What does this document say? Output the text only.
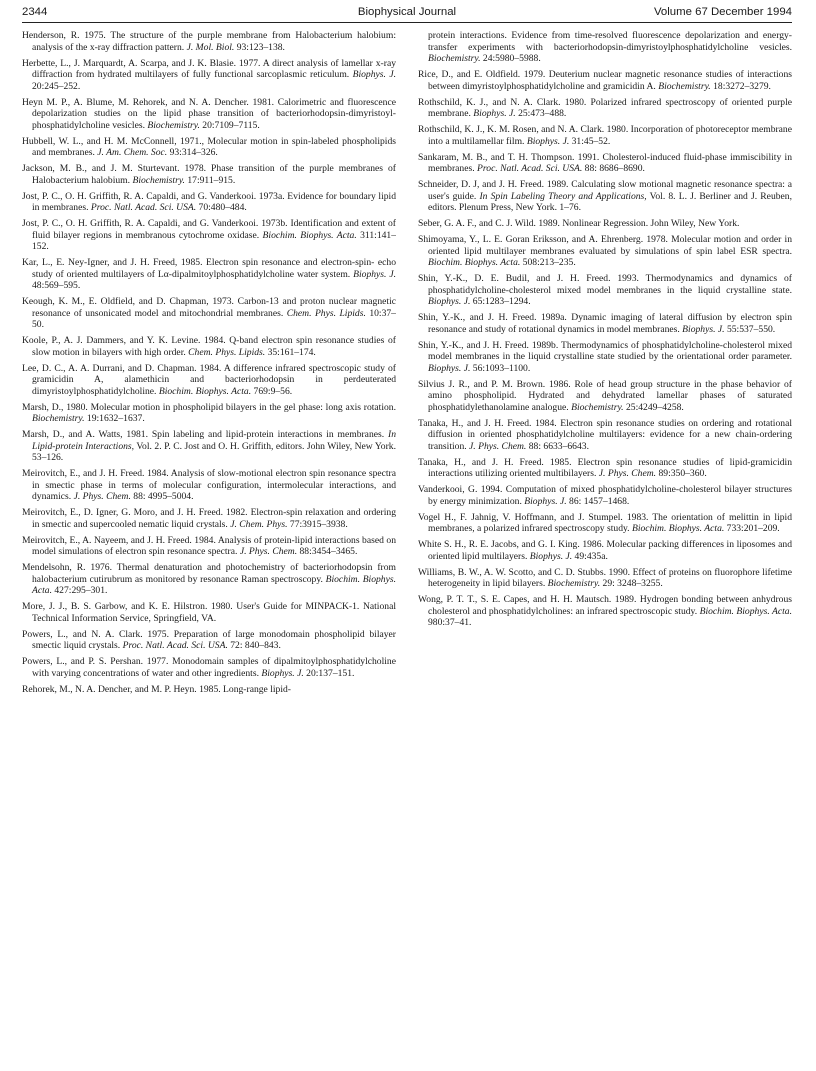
2344	Biophysical Journal	Volume 67 December 1994

Henderson, R. 1975. The structure of the purple membrane from Halobacterium halobium: analysis of the x-ray diffraction pattern. J. Mol. Biol. 93:123–138.

Herbette, L., J. Marquardt, A. Scarpa, and J. K. Blasie. 1977. A direct analysis of lamellar x-ray diffraction from hydrated multilayers of fully functional sarcoplasmic reticulum. Biophys. J. 20:245–252.

Heyn M. P., A. Blume, M. Rehorek, and N. A. Dencher. 1981. Calorimetric and fluorescence depolarization studies on the lipid phase transition of bacteriorhodopsin-dimyristoyl-phosphatidylcholine vesicles. Biochemistry. 20:7109–7115.

Hubbell, W. L., and H. M. McConnell, 1971., Molecular motion in spin-labeled phospholipids and membranes. J. Am. Chem. Soc. 93:314–326.

Jackson, M. B., and J. M. Sturtevant. 1978. Phase transition of the purple membranes of Halobacterium halobium. Biochemistry. 17:911–915.

Jost, P. C., O. H. Griffith, R. A. Capaldi, and G. Vanderkooi. 1973a. Evidence for boundary lipid in membranes. Proc. Natl. Acad. Sci. USA. 70:480–484.

Jost, P. C., O. H. Griffith, R. A. Capaldi, and G. Vanderkooi. 1973b. Identification and extent of fluid bilayer regions in membranous cytochrome oxidase. Biochim. Biophys. Acta. 311:141–152.

Kar, L., E. Ney-Igner, and J. H. Freed, 1985. Electron spin resonance and electron-spin- echo study of oriented multilayers of Lα-dipalmitoylphosphatidylcholine water system. Biophys. J. 48:569–595.

Keough, K. M., E. Oldfield, and D. Chapman, 1973. Carbon-13 and proton nuclear magnetic resonance of unsonicated model and mitochondrial membranes. Chem. Phys. Lipids. 10:37–50.

Koole, P., A. J. Dammers, and Y. K. Levine. 1984. Q-band electron spin resonance studies of slow motion in bilayers with high order. Chem. Phys. Lipids. 35:161–174.

Lee, D. C., A. A. Durrani, and D. Chapman. 1984. A difference infrared spectroscopic study of gramicidin A, alamethicin and bacteriorhodopsin in perdeuterated dimyristoylphosphatidylcholine. Biochim. Biophys. Acta. 769:9–56.

Marsh, D., 1980. Molecular motion in phospholipid bilayers in the gel phase: long axis rotation. Biochemistry. 19:1632–1637.

Marsh, D., and A. Watts, 1981. Spin labeling and lipid-protein interactions in membranes. In Lipid-protein Interactions, Vol. 2. P. C. Jost and O. H. Griffith, editors. John Wiley, New York. 53–126.

Meirovitch, E., and J. H. Freed. 1984. Analysis of slow-motional electron spin resonance spectra in smectic phase in terms of molecular configuration, intermolecular interactions, and dynamics. J. Phys. Chem. 88: 4995–5004.

Meirovitch, E., D. Igner, G. Moro, and J. H. Freed. 1982. Electron-spin relaxation and ordering in smectic and supercooled nematic liquid crystals. J. Chem. Phys. 77:3915–3938.

Meirovitch, E., A. Nayeem, and J. H. Freed. 1984. Analysis of protein-lipid interactions based on model simulations of electron spin resonance spectra. J. Phys. Chem. 88:3454–3465.

Mendelsohn, R. 1976. Thermal denaturation and photochemistry of bacteriorhodopsin from halobacterium cutirubrum as monitored by resonance Raman spectroscopy. Biochim. Biophys. Acta. 427:295–301.

More, J. J., B. S. Garbow, and K. E. Hilstron. 1980. User's Guide for MINPACK-1. National Technical Information Service, Springfield, VA.

Powers, L., and N. A. Clark. 1975. Preparation of large monodomain phospholipid bilayer smectic liquid crystals. Proc. Natl. Acad. Sci. USA. 72: 840–843.

Powers, L., and P. S. Pershan. 1977. Monodomain samples of dipalmitoylphosphatidylcholine with varying concentrations of water and other ingredients. Biophys. J. 20:137–151.

Rehorek, M., N. A. Dencher, and M. P. Heyn. 1985. Long-range lipid-

protein interactions. Evidence from time-resolved fluorescence depolarization and energy-transfer experiments with bacteriorhodopsin-dimyristoylphosphatidylcholine vesicles. Biochemistry. 24:5980–5988.

Rice, D., and E. Oldfield. 1979. Deuterium nuclear magnetic resonance studies of interactions between dimyristoylphosphatidylcholine and gramicidin A. Biochemistry. 18:3272–3279.

Rothschild, K. J., and N. A. Clark. 1980. Polarized infrared spectroscopy of oriented purple membrane. Biophys. J. 25:473–488.

Rothschild, K. J., K. M. Rosen, and N. A. Clark. 1980. Incorporation of photoreceptor membrane into a multilamellar film. Biophys. J. 31:45–52.

Sankaram, M. B., and T. H. Thompson. 1991. Cholesterol-induced fluid-phase immiscibility in membranes. Proc. Natl. Acad. Sci. USA. 88: 8686–8690.

Schneider, D. J, and J. H. Freed. 1989. Calculating slow motional magnetic resonance spectra: a user's guide. In Spin Labeling Theory and Applications, Vol. 8. L. J. Berliner and J. Reuben, editors. Plenum Press, New York. 1–76.

Seber, G. A. F., and C. J. Wild. 1989. Nonlinear Regression. John Wiley, New York.

Shimoyama, Y., L. E. Goran Eriksson, and A. Ehrenberg. 1978. Molecular motion and order in oriented lipid multilayer membranes evaluated by simulations of spin label ESR spectra. Biochim. Biophys. Acta. 508:213–235.

Shin, Y.-K., D. E. Budil, and J. H. Freed. 1993. Thermodynamics and dynamics of phosphatidylcholine-cholesterol mixed model membranes in the liquid crystalline state. Biophys. J. 65:1283–1294.

Shin, Y.-K., and J. H. Freed. 1989a. Dynamic imaging of lateral diffusion by electron spin resonance and study of rotational dynamics in model membranes. Biophys. J. 55:537–550.

Shin, Y.-K., and J. H. Freed. 1989b. Thermodynamics of phosphatidylcholine-cholesterol mixed model membranes in the liquid crystalline state studied by the orientational order parameter. Biophys. J. 56:1093–1100.

Silvius J. R., and P. M. Brown. 1986. Role of head group structure in the phase behavior of amino phospholipid. Hydrated and dehydrated lamellar phases of saturated phosphatidylethanolamine analogue. Biochemistry. 25:4249–4258.

Tanaka, H., and J. H. Freed. 1984. Electron spin resonance studies on ordering and rotational diffusion in oriented phosphatidylcholine multilayers: evidence for a new chain-ordering transition. J. Phys. Chem. 88: 6633–6643.

Tanaka, H., and J. H. Freed. 1985. Electron spin resonance studies of lipid-gramicidin interactions utilizing oriented multibilayers. J. Phys. Chem. 89:350–360.

Vanderkooi, G. 1994. Computation of mixed phosphatidylcholine-cholesterol bilayer structures by energy minimization. Biophys. J. 86: 1457–1468.

Vogel H., F. Jahnig, V. Hoffmann, and J. Stumpel. 1983. The orientation of melittin in lipid membranes, a polarized infrared spectroscopy study. Biochim. Biophys. Acta. 733:201–209.

White S. H., R. E. Jacobs, and G. I. King. 1986. Molecular packing differences in liposomes and oriented lipid multilayers. Biophys. J. 49:435a.

Williams, B. W., A. W. Scotto, and C. D. Stubbs. 1990. Effect of proteins on fluorophore lifetime heterogeneity in lipid bilayers. Biochemistry. 29: 3248–3255.

Wong, P. T. T., S. E. Capes, and H. H. Mautsch. 1989. Hydrogen bonding between anhydrous cholesterol and phosphatidylcholines: an infrared spectroscopic study. Biochim. Biophys. Acta. 980:37–41.
